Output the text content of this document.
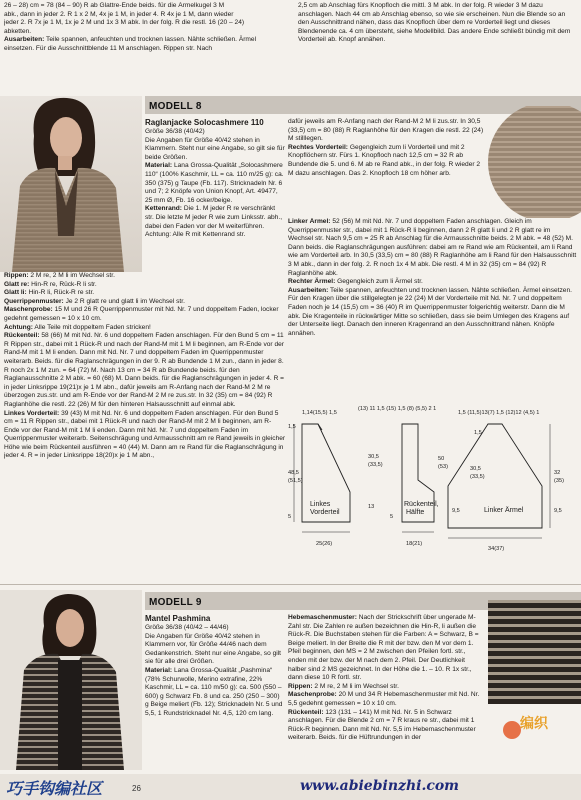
26 – 28) cm = 78 (84 – 90) R ab Glattre-Ende beids. für die Ärmelkugel 3 M

abk., dann in jeder 2. R 1 x 2 M, 4x je 1 M, in jeder 4. R 4x je 1 M, dann wieder

jeder 2. R 7x je 1 M, 1x je 2 M und 1x 3 M abk. In der folg. R die restl. 16 (20 – 24)

abketten.

Ausarbeiten: Teile spannen, anfeuchten und trocknen lassen. Nähte schließen. Ärmel einsetzen. Für die Ausschnittblende 11 M anschlagen. Rippen str. Nach

2,5 cm ab Anschlag fürs Knopfloch die mittl. 3 M abk. In der folg. R wieder 3 M dazu anschlagen. Nach 44 cm ab Anschlag ebenso, so wie sie erscheinen. Nun die Blende so an den Ausschnittrand nähen, dass das Knopfloch über dem re Vorderteil liegt und dieses Blendenende ca. 4 cm übersteht, siehe Modellbild. Das andere Ende schließt bündig mit dem Vorderteil ab. Knopf annähen.

MODELL 8

Raglanjacke Solocashmere 110

Größe 36/38 (40/42)

Die Angaben für Größe 40/42 stehen in Klammern. Steht nur eine Angabe, so gilt sie für beide Größen.

Material: Lana Grossa-Qualität „Solocashmere 110“ (100% Kaschmir, LL = ca. 110 m/25 g): ca. 350 (375) g Taupe (Fb. 117). Stricknadeln Nr. 6 und 7; 2 Knöpfe von Union Knopf, Art. 49477, 25 mm Ø, Fb. 16 ocker/beige.

Kettenrand: Die 1. M jeder R re verschränkt str. Die letzte M jeder R wie zum Linksstr. abh., dabei den Faden vor der M weiterführen. Achtung: Alle R mit Kettenrand str.

Rippen: 2 M re, 2 M li im Wechsel str.

Glatt re: Hin-R re, Rück-R li str.

Glatt li: Hin-R li, Rück-R re str.

Querrippenmuster: Je 2 R glatt re und glatt li im Wechsel str.

Maschenprobe: 15 M und 26 R Querrippenmuster mit Nd. Nr. 7 und doppeltem Faden, locker gedehnt gemessen = 10 x 10 cm.

Achtung: Alle Teile mit doppeltem Faden stricken!

Rückenteil: 58 (66) M mit Nd. Nr. 6 und doppeltem Faden anschlagen. Für den Bund 5 cm = 11 R Rippen str., dabei mit 1 Rück-R und nach der Rand-M mit 1 M li beginnen, am R-Ende vor der Rand-M mit 1 M li enden. Dann mit Nd. Nr. 7 und doppeltem Faden im Querrippenmuster weiterarb. Beids. für die Raglanschrägungen in der 9. R ab Bundende 1 M zun., dann in jeder 8. R noch 2x 1 M zun. = 64 (72) M. Nach 13 cm = 34 R ab Bundende beids. für den Raglanausschnitte 2 M abk. = 60 (68) M. Dann beids. für die Raglanschrägungen in jeder 4. R = in jeder Linksrippe 19(21)x je 1 M abn., dafür jeweils am R-Anfang nach der Rand-M 2 M re überzogen zus.str. und am R-Ende vor der Rand-M 2 M re zus.str. In 32 (35) cm = 84 (92) R Raglanhöhe die restl. 22 (26) M für den hinteren Halsausschnitt auf einmal abk.

Linkes Vorderteil: 39 (43) M mit Nd. Nr. 6 und doppeltem Faden anschlagen. Für den Bund 5 cm = 11 R Rippen str., dabei mit 1 Rück-R und nach der Rand-M mit 2 M li beginnen, am R-Ende vor der Rand-M mit 1 M li enden. Dann mit Nd. Nr. 7 und doppeltem Faden im Querrippenmuster weiterarb. Seitenschrägung und Armausschnitt am re Rand jeweils in gleicher Höhe wie beim Rückenteil ausführen = 40 (44) M. Dann am re Rand für die Raglanschrägung in jeder 4. R = in jeder Linksrippe 18(20)x je 1 M abn.,

dafür jeweils am R-Anfang nach der Rand-M 2 M li zus.str. In 30,5 (33,5) cm = 80 (88) R Raglanhöhe für den Kragen die restl. 22 (24) M stilllegen.

Rechtes Vorderteil: Gegengleich zum li Vorderteil und mit 2 Knopflöchern str. Fürs 1. Knopfloch nach 12,5 cm = 32 R ab Bundende die 5. und 6. M ab re Rand abk., in der folg. R wieder 2 M dazu anschlagen. Das 2. Knopfloch 18 cm höher arb.

Linker Ärmel: 52 (56) M mit Nd. Nr. 7 und doppeltem Faden anschlagen. Gleich im Querrippenmuster str., dabei mit 1 Rück-R li beginnen, dann 2 R glatt li und 2 R glatt re im Wechsel str. Nach 9,5 cm = 25 R ab Anschlag für die Armausschnitte beids. 2 M abk. = 48 (52) M. Dann beids. die Raglanschrägungen ausführen: dabei am re Rand wie am Rückenteil, am li Rand wie am Vorderteil arb. In 30,5 (33,5) cm = 80 (88) R Raglanhöhe am li Rand für den Halsausschnitt 3 M abk., dann in der folg. 2. R noch 1x 4 M abk. Die restl. 4 M in 32 (35) cm = 84 (92) R Raglanhöhe abk.

Rechter Ärmel: Gegengleich zum li Ärmel str.

Ausarbeiten: Teile spannen, anfeuchten und trocknen lassen. Nähte schließen. Ärmel einsetzen. Für den Kragen über die stillgelegten je 22 (24) M der Vorderteile mit Nd. Nr. 7 und doppeltem Faden noch je 14 (15,5) cm = 36 (40) R im Querrippenmuster folgerichtig weiterstr. Dann die M abk. Die Kragenteile in rückwärtiger Mitte so schließen, dass sie beim Umlegen des Kragens auf der Unterseite liegt. Danach den inneren Kragenrand an den Ausschnittrand nähen. Knöpfe annähen.

1,14(15,5) 1,5
(13) 11 1,5 (15) 1,5 (8) (5,5) 2 1
1,5 (11,5)13(7) 1,5 (12)12 (4,5) 1
1,5
48,5
(51,5)
5
25(26)
30,5
(33,5)
13
50
(53)
5
18(21)
1,5
30,5
(33,5)
32
(35)
9,5	9,5
34(37)
Linkes
Vorderteil
Rückenteil,
Hälfte	Linker Ärmel
MODELL 9

Mantel Pashmina

Größe 36/38 (40/42 – 44/46)

Die Angaben für Größe 40/42 stehen in Klammern vor, für Größe 44/46 nach dem Gedankenstrich. Steht nur eine Angabe, so gilt sie für alle drei Größen.

Material: Lana Grossa-Qualität „Pashmina“ (78% Schurwolle, Merino extrafine, 22% Kaschmir, LL = ca. 110 m/50 g): ca. 500 (550 – 600) g Schwarz Fb. 8 und ca. 250 (250 – 300) g Beige meliert (Fb. 12); Stricknadeln Nr. 5 und 5,5, 1 Rundstricknadel Nr. 4,5, 120 cm lang.

Hebemaschenmuster: Nach der Strickschrift über ungerade M-Zahl str. Die Zahlen re außen bezeichnen die Hin-R, li außen die Rück-R. Die Buchstaben stehen für die Farben: A = Schwarz, B = Beige meliert. In der Breite die R mit der bzw. den M vor dem 1. Pfeil beginnen, den MS = 2 M zwischen den Pfeilen fortl. str., enden mit der bzw. der M nach dem 2. Pfeil. Der Deutlichkeit halber sind 2 MS gezeichnet. In der Höhe die 1. – 10. R 1x str., dann diese 10 R fortl. str.

Rippen: 2 M re, 2 M li im Wechsel str.

Maschenprobe: 20 M und 34 R Hebemaschenmuster mit Nd. Nr. 5,5 gedehnt gemessen = 10 x 10 cm.

Rückenteil: 123 (131 – 141) M mit Nd. Nr. 5 in Schwarz anschlagen. Für die Blende 2 cm = 7 R kraus re str., dabei mit 1 Rück-R beginnen. Dann mit Nd. Nr. 5,5 im Hebemaschenmuster weiterarb. Beids. für die Hüftrundungen in der

编织
巧手钩编社区	26	www.abiebinzhi.com
